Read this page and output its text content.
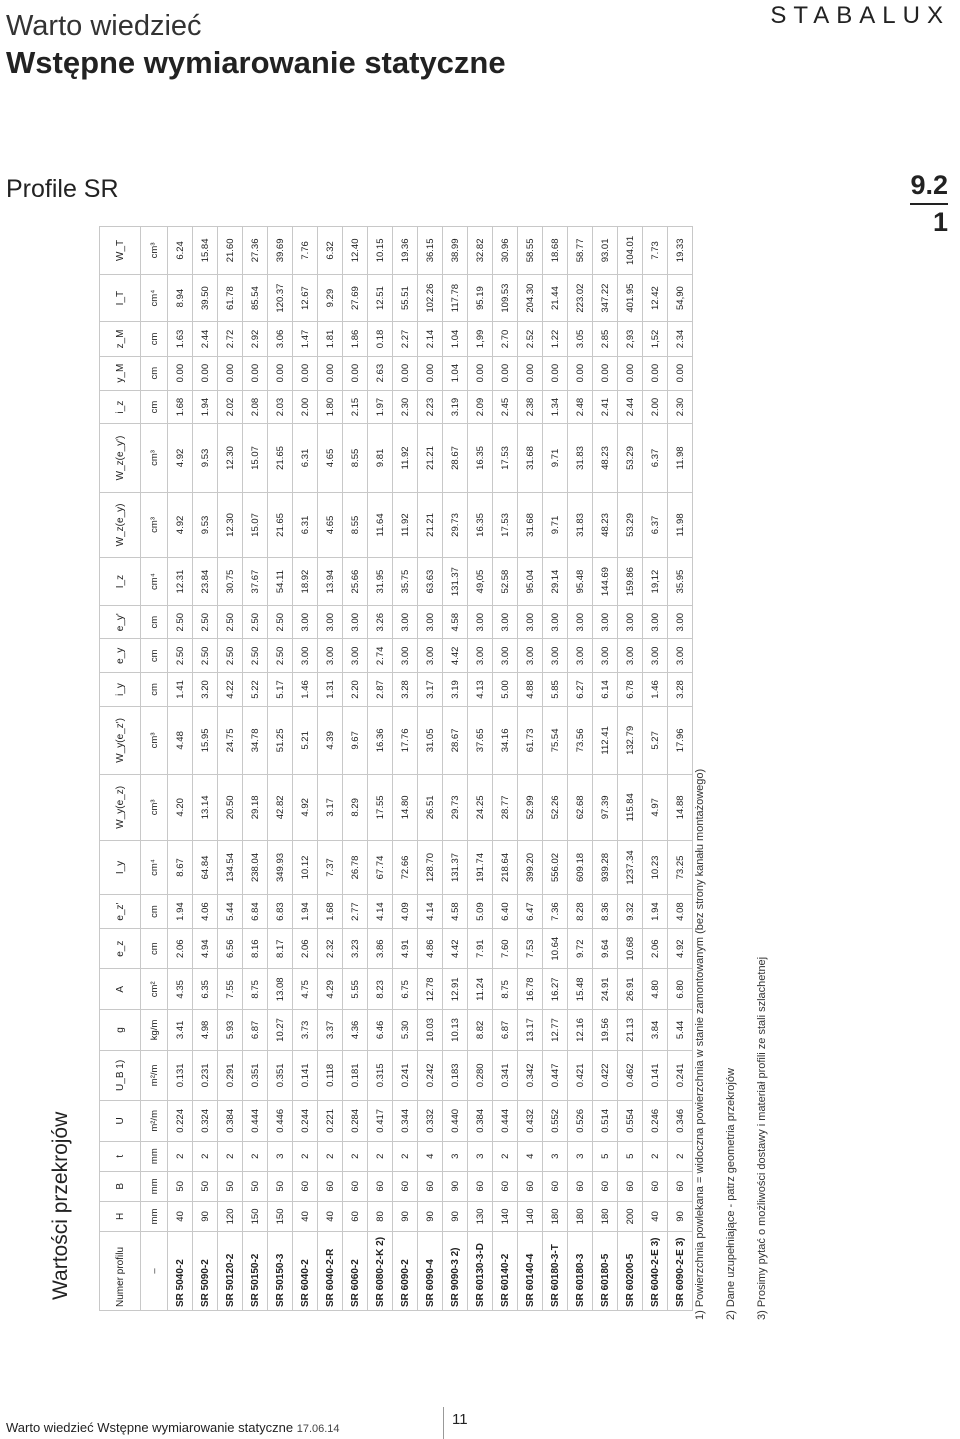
Warto wiedzieć
Wstępne wymiarowanie statyczne
STABALUX
Profile SR	9.2
1
Wartości przekrojów	Numer profilu	H	B	t	U	U_B 1)	g	A	e_z	e_z'	I_y	W_y(e_z)	W_y(e_z')	i_y	e_y	e_y'	I_z	W_z(e_y)	W_z(e_y')	i_z	y_M	z_M	I_T	W_T
–	mm	mm	mm	m²/m	m²/m	kg/m	cm²	cm	cm	cm⁴	cm³	cm³	cm	cm	cm	cm⁴	cm³	cm³	cm	cm	cm	cm⁴	cm³
SR 5040-2	40	50	2	0.224	0.131	3.41	4.35	2.06	1.94	8.67	4.20	4.48	1.41	2.50	2.50	12.31	4.92	4.92	1.68	0.00	1.63	8.94	6.24
SR 5090-2	90	50	2	0.324	0.231	4.98	6.35	4.94	4.06	64.84	13.14	15.95	3.20	2.50	2.50	23.84	9.53	9.53	1.94	0.00	2.44	39.50	15.84
SR 50120-2	120	50	2	0.384	0.291	5.93	7.55	6.56	5.44	134.54	20.50	24.75	4.22	2.50	2.50	30.75	12.30	12.30	2.02	0.00	2.72	61.78	21.60
SR 50150-2	150	50	2	0.444	0.351	6.87	8.75	8.16	6.84	238.04	29.18	34.78	5.22	2.50	2.50	37.67	15.07	15.07	2.08	0.00	2.92	85.54	27.36
SR 50150-3	150	50	3	0.446	0.351	10.27	13.08	8.17	6.83	349.93	42.82	51.25	5.17	2.50	2.50	54.11	21.65	21.65	2.03	0.00	3.06	120.37	39.69
SR 6040-2	40	60	2	0.244	0.141	3.73	4.75	2.06	1.94	10.12	4.92	5.21	1.46	3.00	3.00	18.92	6.31	6.31	2.00	0.00	1.47	12.67	7.76
SR 6040-2-R	40	60	2	0.221	0.118	3.37	4.29	2.32	1.68	7.37	3.17	4.39	1.31	3.00	3.00	13.94	4.65	4.65	1.80	0.00	1.81	9.29	6.32
SR 6060-2	60	60	2	0.284	0.181	4.36	5.55	3.23	2.77	26.78	8.29	9.67	2.20	3.00	3.00	25.66	8.55	8.55	2.15	0.00	1.86	27.69	12.40
SR 6080-2-K 2)	80	60	2	0.417	0.315	6.46	8.23	3.86	4.14	67.74	17.55	16.36	2.87	2.74	3.26	31.95	11.64	9.81	1.97	2.63	0.18	12.51	10.15
SR 6090-2	90	60	2	0.344	0.241	5.30	6.75	4.91	4.09	72.66	14.80	17.76	3.28	3.00	3.00	35.75	11.92	11.92	2.30	0.00	2.27	55.51	19.36
SR 6090-4	90	60	4	0.332	0.242	10.03	12.78	4.86	4.14	128.70	26.51	31.05	3.17	3.00	3.00	63.63	21.21	21.21	2.23	0.00	2.14	102.26	36.15
SR 9090-3 2)	90	90	3	0.440	0.183	10.13	12.91	4.42	4.58	131.37	29.73	28.67	3.19	4.42	4.58	131.37	29.73	28.67	3.19	1.04	1.04	117.78	38.99
SR 60130-3-D	130	60	3	0.384	0.280	8.82	11.24	7.91	5.09	191.74	24.25	37.65	4.13	3.00	3.00	49,05	16.35	16.35	2.09	0.00	1,99	95.19	32.82
SR 60140-2	140	60	2	0.444	0.341	6.87	8.75	7.60	6.40	218.64	28.77	34.16	5.00	3.00	3.00	52.58	17.53	17.53	2.45	0.00	2.70	109.53	30.96
SR 60140-4	140	60	4	0.432	0.342	13.17	16.78	7.53	6.47	399.20	52.99	61.73	4.88	3.00	3.00	95.04	31.68	31.68	2.38	0.00	2.52	204.30	58.55
SR 60180-3-T	180	60	3	0.552	0.447	12.77	16.27	10.64	7.36	556.02	52.26	75.54	5.85	3.00	3.00	29.14	9.71	9.71	1.34	0.00	1.22	21.44	18.68
SR 60180-3	180	60	3	0.526	0.421	12.16	15.48	9.72	8.28	609.18	62.68	73.56	6.27	3.00	3.00	95.48	31.83	31.83	2.48	0.00	3.05	223.02	58.77
SR 60180-5	180	60	5	0.514	0.422	19.56	24.91	9.64	8.36	939.28	97.39	112.41	6.14	3.00	3.00	144.69	48.23	48.23	2.41	0.00	2.85	347.22	93.01
SR 60200-5	200	60	5	0.554	0.462	21.13	26.91	10.68	9.32	1237.34	115.84	132.79	6.78	3.00	3.00	159.86	53.29	53.29	2.44	0.00	2,93	401.95	104.01
SR 6040-2-E 3)	40	60	2	0.246	0.141	3.84	4.80	2.06	1.94	10.23	4.97	5.27	1.46	3.00	3.00	19,12	6.37	6.37	2.00	0.00	1,52	12.42	7.73
SR 6090-2-E 3)	90	60	2	0.346	0.241	5.44	6.80	4.92	4.08	73.25	14.88	17.96	3.28	3.00	3.00	35.95	11.98	11.98	2.30	0.00	2.34	54,90	19.33
1) Powierzchnia powlekana = widoczna powierzchnia w stanie zamontowanym (bez strony kanału montażowego)	2) Dane uzupełniające - patrz geometria przekrojów	3) Prosimy pytać o możliwości dostawy i materiał profili ze stali szlachetnej
Warto wiedzieć Wstępne wymiarowanie statyczne 17.06.14
11
